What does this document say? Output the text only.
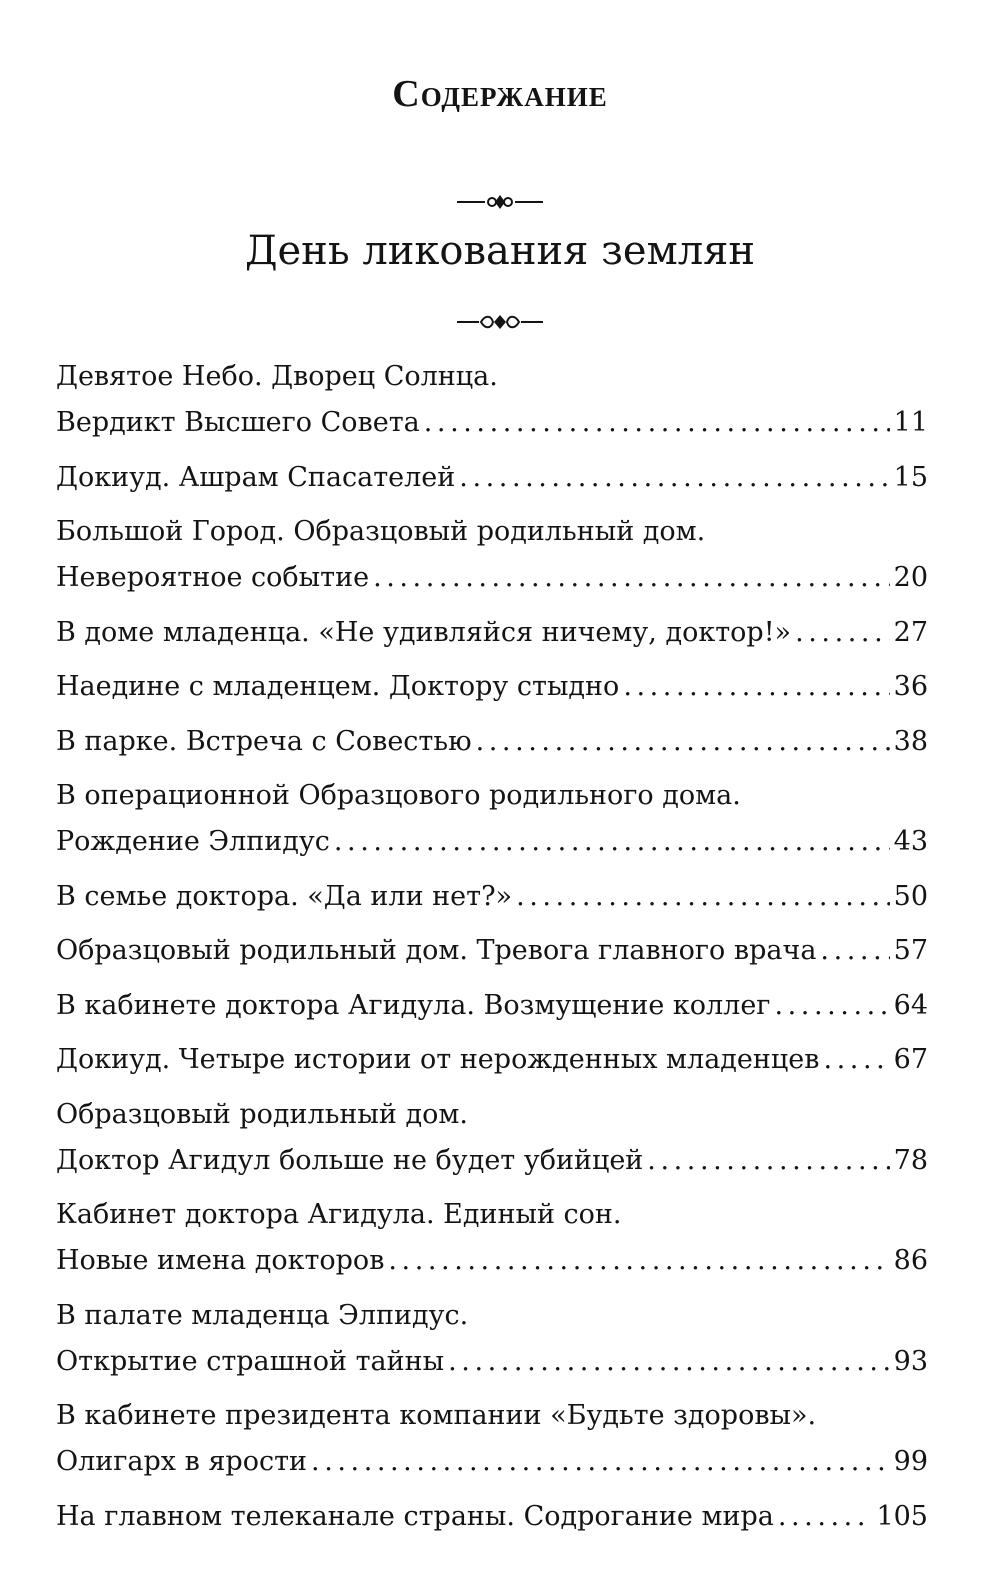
Содержание
День ликования землян
Девятое Небо. Дворец Солнца.
Вердикт Высшего Совета . . .	11
Докиуд. Ашрам Спасателей . . .	15
Большой Город. Образцовый родильный дом.
Невероятное событие . . .	20
В доме младенца. «Не удивляйся ничему, доктор!» . . .	27
Наедине с младенцем. Доктору стыдно . . .	36
В парке. Встреча с Совестью . . .	38
В операционной Образцового родильного дома.
Рождение Элпидус . . .	43
В семье доктора. «Да или нет?» . . .	50
Образцовый родильный дом. Тревога главного врача . . .	57
В кабинете доктора Агидула. Возмущение коллег . . .	64
Докиуд. Четыре истории от нерожденных младенцев . . .	67
Образцовый родильный дом.
Доктор Агидул больше не будет убийцей . . .	78
Кабинет доктора Агидула. Единый сон.
Новые имена докторов . . .	86
В палате младенца Элпидус.
Открытие страшной тайны . . .	93
В кабинете президента компании «Будьте здоровы».
Олигарх в ярости . . .	99
На главном телеканале страны. Содрогание мира . . .	105
